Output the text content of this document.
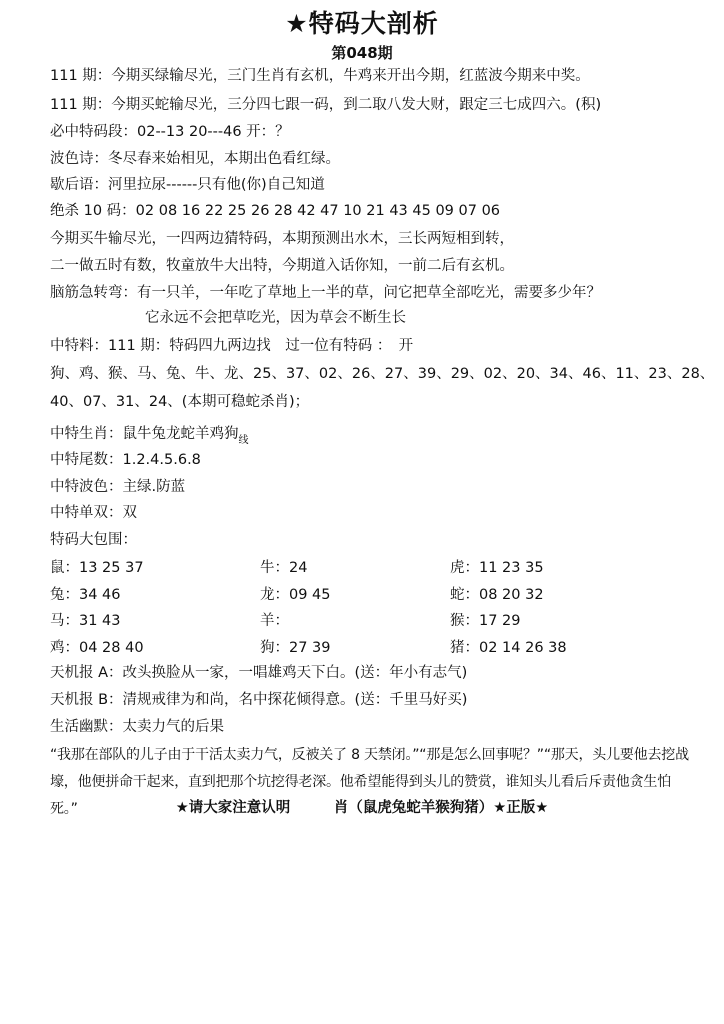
★特码大剖析
第048期
111 期：今期买绿输尽光，三门生肖有玄机，牛鸡来开出今期，红蓝波今期来中奖。
111 期：今期买蛇输尽光，三分四七跟一码，到二取八发大财，跟定三七成四六。(积)
必中特码段：02--13 20---46 开：？
波色诗：冬尽春来始相见，本期出色看红绿。
歇后语：河里拉尿------只有他(你)自己知道
绝杀 10 码：02 08 16 22 25 26 28 42 47 10 21 43 45 09 07 06
今期买牛输尽光，一四两边猜特码，本期预测出水木，三长两短相到转，
二一做五时有数，牧童放牛大出特，今期道入话你知，一前二后有玄机。
脑筋急转弯：有一只羊，一年吃了草地上一半的草，问它把草全部吃光，需要多少年？
它永远不会把草吃光，因为草会不断生长
中特料：111 期：特码四九两边找　过一位有特码 ：　开
狗、鸡、猴、马、兔、牛、龙、25、37、02、26、27、39、29、02、20、34、46、11、23、28、
40、07、31、24、(本期可稳蛇杀肖)；
中特生肖：鼠牛兔龙蛇羊鸡狗$_线$
中特尾数：1.2.4.5.6.8
中特波色：主绿.防蓝
中特单双：双
特码大包围：
鼠：13 25 37	牛：24	虎：11 23 35
兔：34 46	龙：09 45	蛇：08 20 32
马：31 43	羊：	猴：17 29
鸡：04 28 40	狗：27 39	猪：02 14 26 38
天机报 A：改头换脸从一家，一唱雄鸡天下白。(送：年小有志气)
天机报 B：清规戒律为和尚，名中探花倾得意。(送：千里马好买)
生活幽默：太卖力气的后果
“我那在部队的儿子由于干活太卖力气，反被关了 8 天禁闭。”“那是怎么回事呢？”“那天，头儿要他去挖战壕，他便拼命干起来，直到把那个坑挖得老深。他希望能得到头儿的赞赏，谁知头儿看后斥责他贪生怕死。”	★请大家注意认明　　　肖（鼠虎兔蛇羊猴狗猪）★正版★
